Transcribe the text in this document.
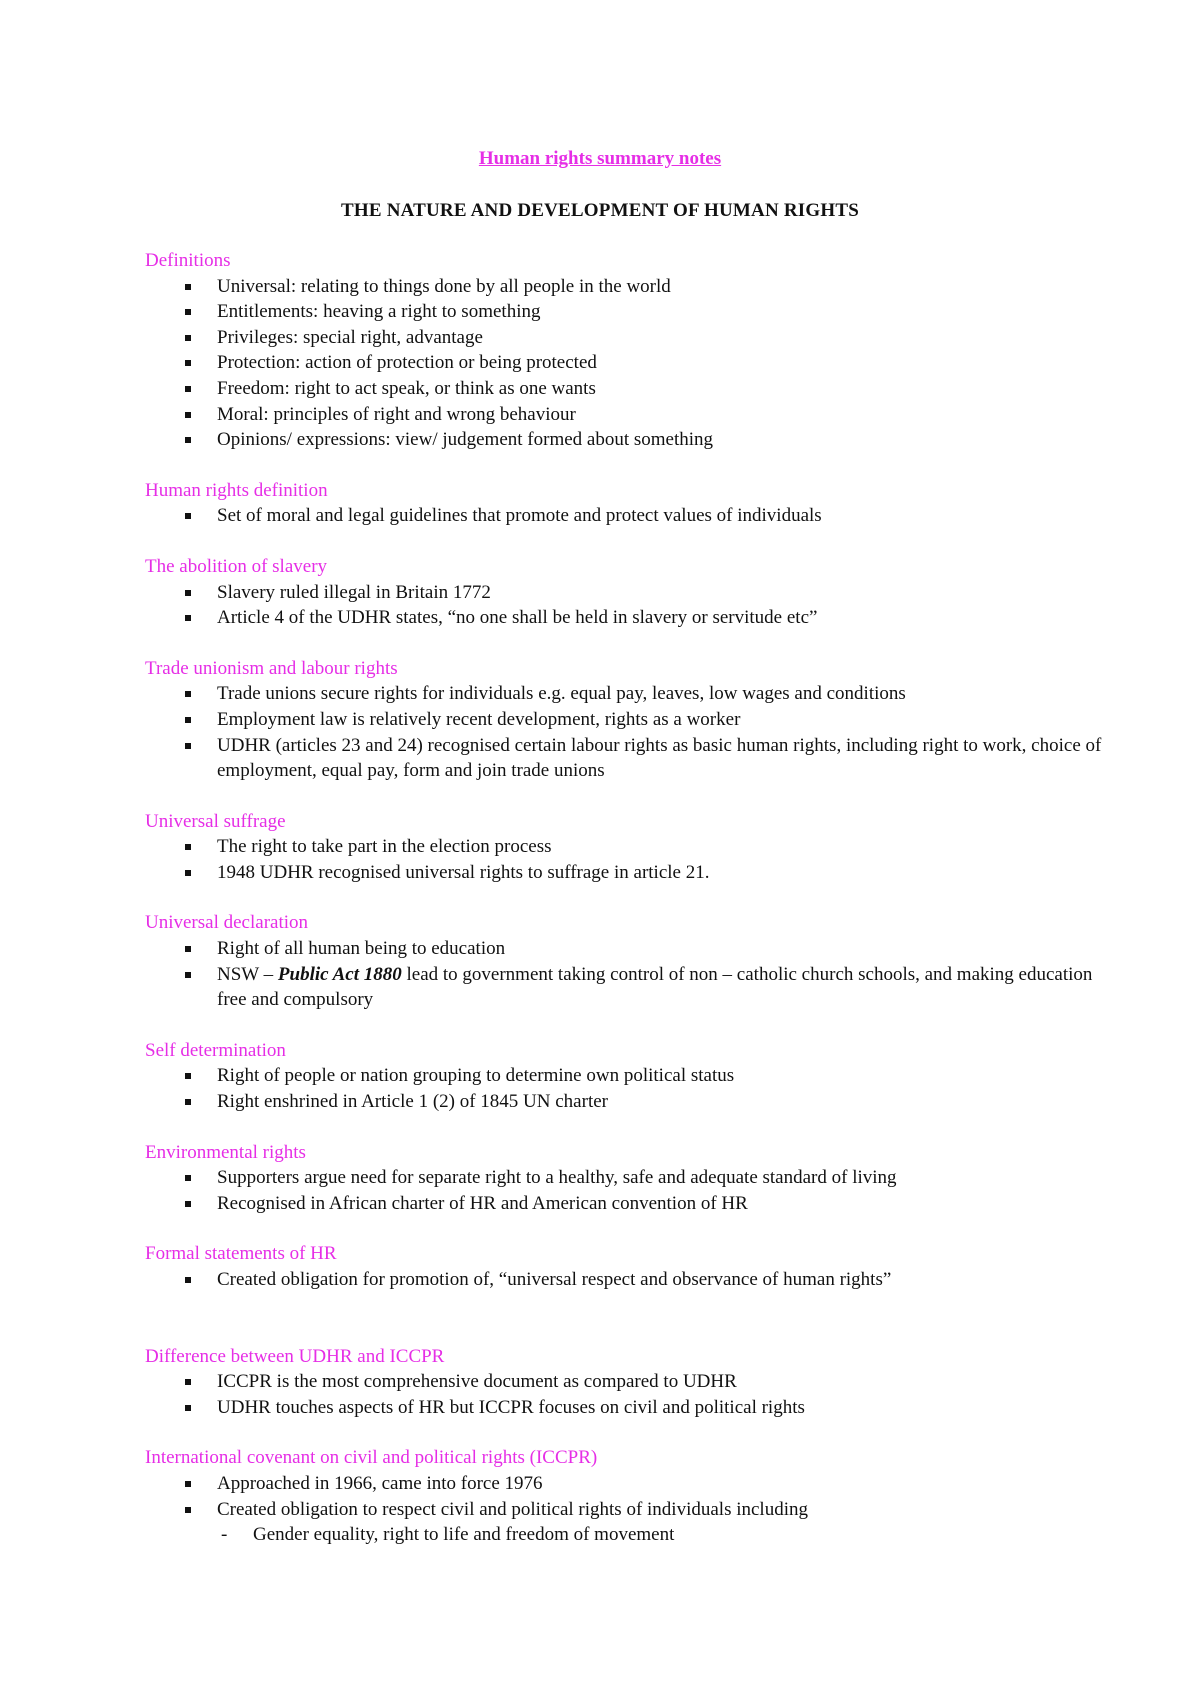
Human rights summary notes
THE NATURE AND DEVELOPMENT OF HUMAN RIGHTS

Definitions

Universal: relating to things done by all people in the world
Entitlements: heaving a right to something
Privileges: special right, advantage
Protection: action of protection or being protected
Freedom: right to act speak, or think as one wants
Moral: principles of right and wrong behaviour
Opinions/ expressions: view/ judgement formed about something

Human rights definition

Set of moral and legal guidelines that promote and protect values of individuals

The abolition of slavery

Slavery ruled illegal in Britain 1772
Article 4 of the UDHR states, “no one shall be held in slavery or servitude etc”

Trade unionism and labour rights

Trade unions secure rights for individuals e.g. equal pay, leaves, low wages and conditions
Employment law is relatively recent development, rights as a worker
UDHR (articles 23 and 24) recognised certain labour rights as basic human rights, including right to work, choice of employment, equal pay, form and join trade unions

Universal suffrage

The right to take part in the election process
1948 UDHR recognised universal rights to suffrage in article 21.

Universal declaration

Right of all human being to education
NSW – Public Act 1880 lead to government taking control of non – catholic church schools, and making education free and compulsory

Self determination

Right of people or nation grouping to determine own political status
Right enshrined in Article 1 (2) of 1845 UN charter

Environmental rights

Supporters argue need for separate right to a healthy, safe and adequate standard of living
Recognised in African charter of HR and American convention of HR

Formal statements of HR

Created obligation for promotion of, “universal respect and observance of human rights”

Difference between UDHR and ICCPR

ICCPR is the most comprehensive document as compared to UDHR
UDHR touches aspects of HR but ICCPR focuses on civil and political rights

International covenant on civil and political rights (ICCPR)

Approached in 1966, came into force 1976
Created obligation to respect civil and political rights of individuals including
- Gender equality, right to life and freedom of movement
